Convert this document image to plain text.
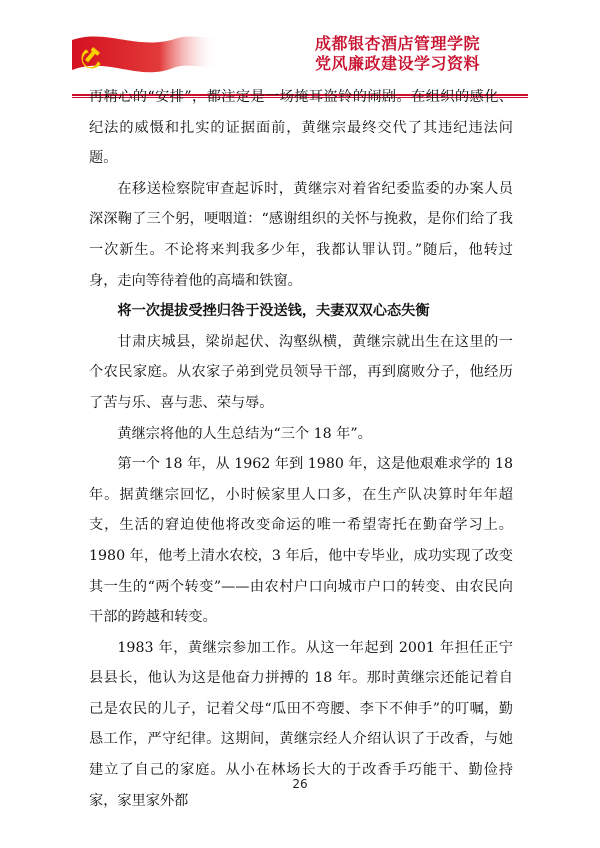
成都银杏酒店管理学院
党风廉政建设学习资料

再精心的“安排”，都注定是一场掩耳盗铃的闹剧。在组织的感化、纪法的威慑和扎实的证据面前，黄继宗最终交代了其违纪违法问题。

在移送检察院审查起诉时，黄继宗对着省纪委监委的办案人员深深鞠了三个躬，哽咽道：“感谢组织的关怀与挽救，是你们给了我一次新生。不论将来判我多少年，我都认罪认罚。”随后，他转过身，走向等待着他的高墙和铁窗。

将一次提拔受挫归咎于没送钱，夫妻双双心态失衡

甘肃庆城县，梁峁起伏、沟壑纵横，黄继宗就出生在这里的一个农民家庭。从农家子弟到党员领导干部，再到腐败分子，他经历了苦与乐、喜与悲、荣与辱。

黄继宗将他的人生总结为“三个 18 年”。

第一个 18 年，从 1962 年到 1980 年，这是他艰难求学的 18 年。据黄继宗回忆，小时候家里人口多，在生产队决算时年年超支，生活的窘迫使他将改变命运的唯一希望寄托在勤奋学习上。1980 年，他考上清水农校，3 年后，他中专毕业，成功实现了改变其一生的“两个转变”——由农村户口向城市户口的转变、由农民向干部的跨越和转变。

1983 年，黄继宗参加工作。从这一年起到 2001 年担任正宁县县长，他认为这是他奋力拼搏的 18 年。那时黄继宗还能记着自己是农民的儿子，记着父母“瓜田不弯腰、李下不伸手”的叮嘱，勤恳工作，严守纪律。这期间，黄继宗经人介绍认识了于改香，与她建立了自己的家庭。从小在林场长大的于改香手巧能干、勤俭持家，家里家外都

26
